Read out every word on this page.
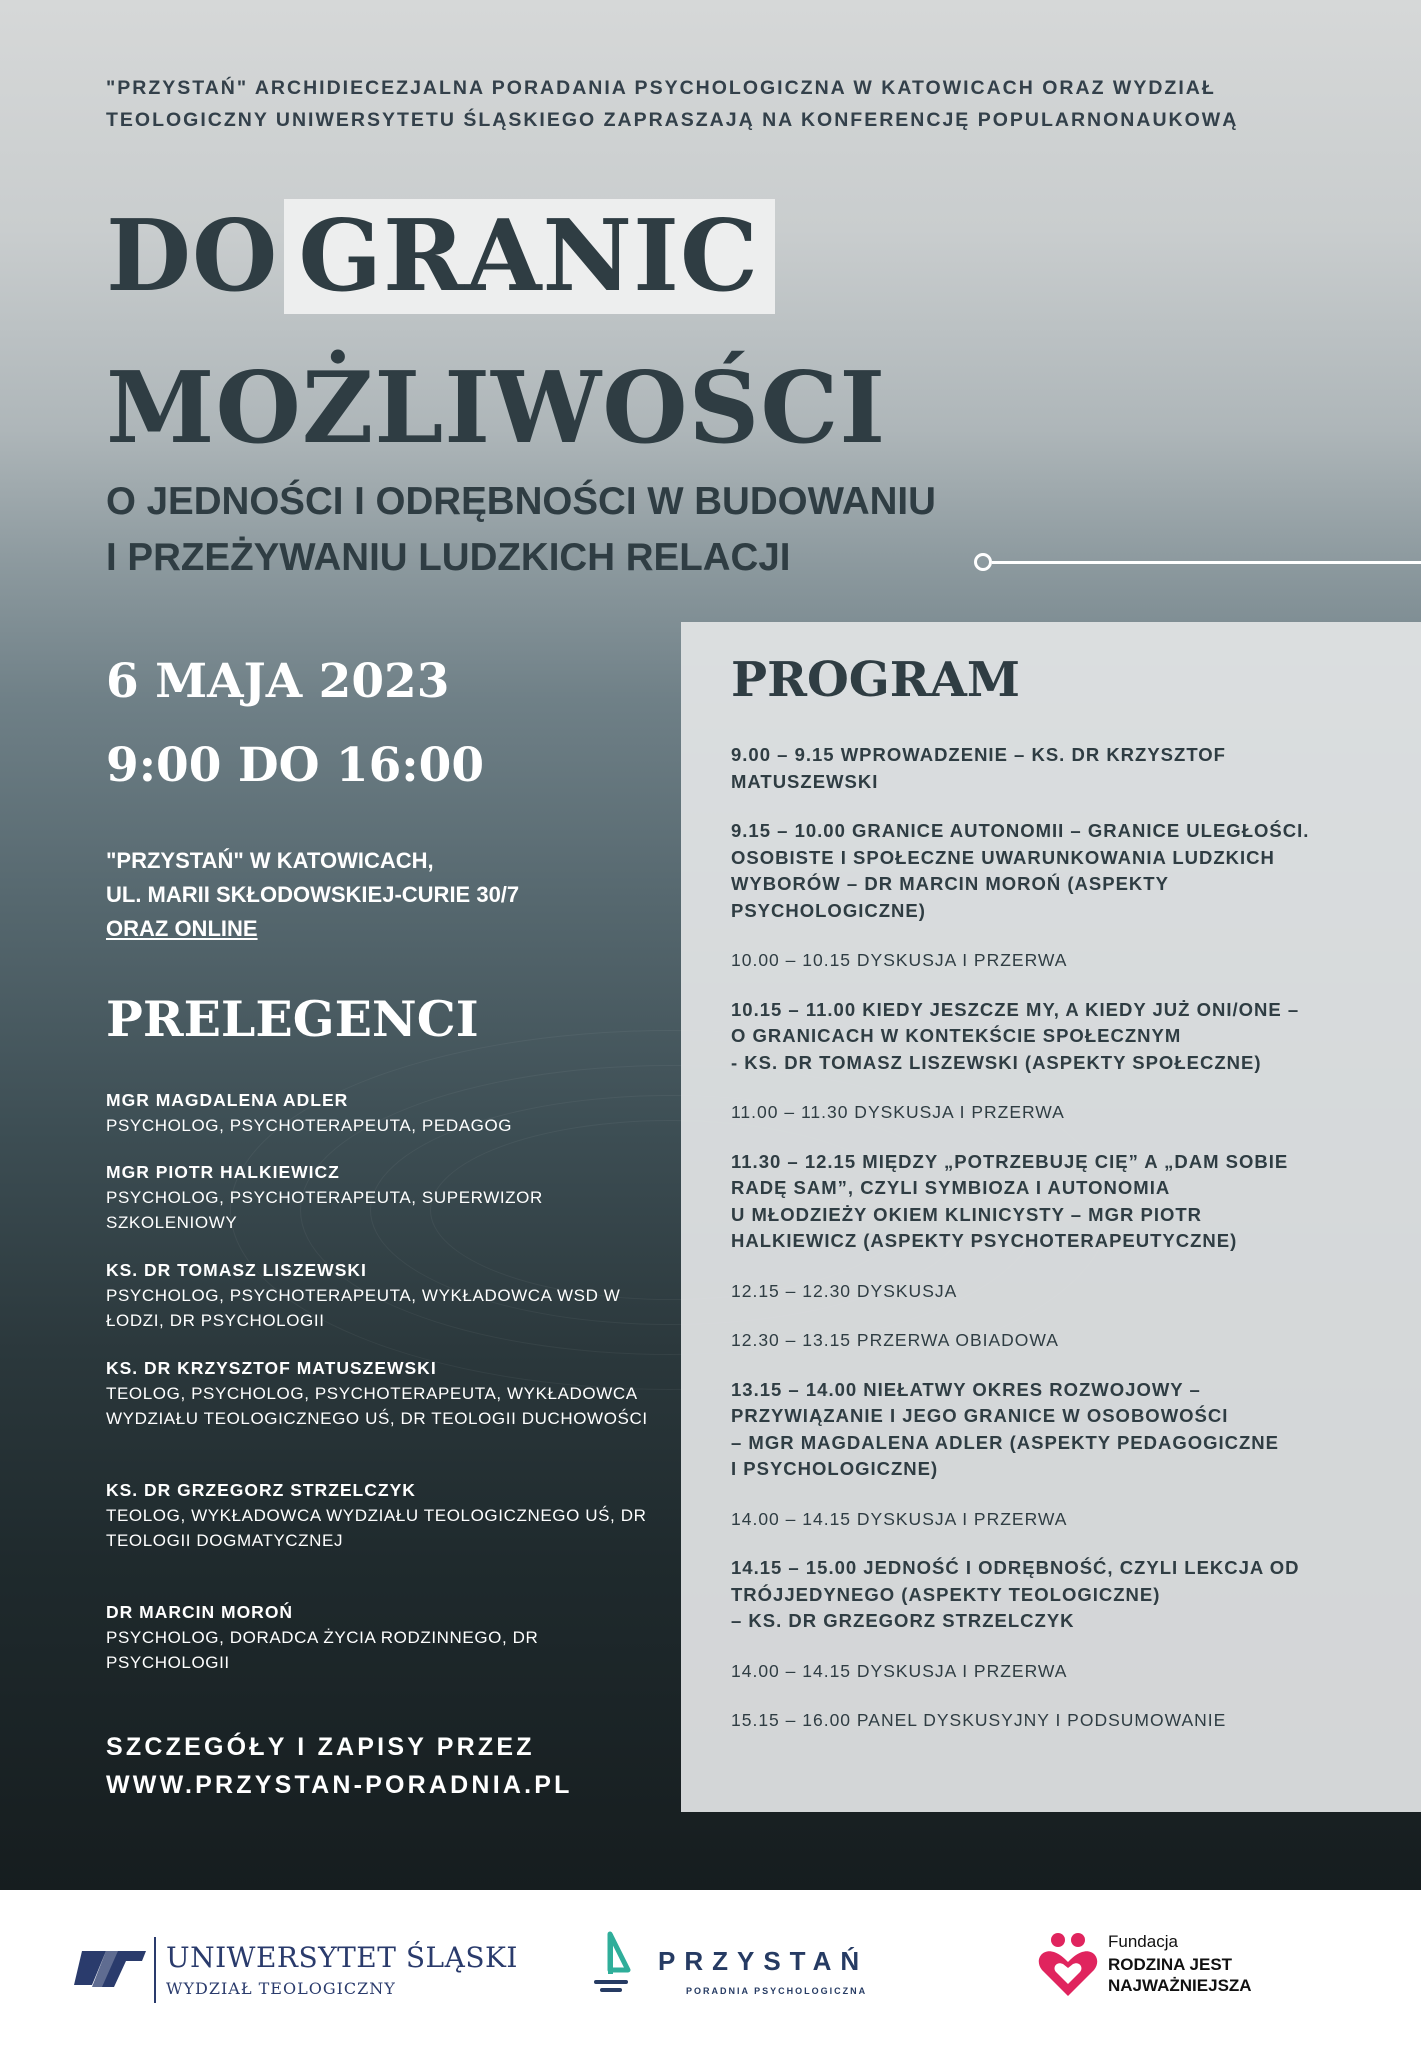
"PRZYSTAŃ" ARCHIDIECEZJALNA PORADANIA PSYCHOLOGICZNA W KATOWICACH ORAZ WYDZIAŁ
TEOLOGICZNY UNIWERSYTETU ŚLĄSKIEGO ZAPRASZAJĄ NA KONFERENCJĘ POPULARNONAUKOWĄ
DO GRANIC
MOŻLIWOŚCI
O JEDNOŚCI I ODRĘBNOŚCI W BUDOWANIU
I PRZEŻYWANIU LUDZKICH RELACJI
6 MAJA 2023
9:00 DO 16:00
"PRZYSTAŃ" W KATOWICACH,
UL. MARII SKŁODOWSKIEJ-CURIE 30/7
ORAZ ONLINE
PRELEGENCI
MGR MAGDALENA ADLER
PSYCHOLOG, PSYCHOTERAPEUTA, PEDAGOG
MGR PIOTR HALKIEWICZ
PSYCHOLOG, PSYCHOTERAPEUTA, SUPERWIZOR SZKOLENIOWY
KS. DR TOMASZ LISZEWSKI
PSYCHOLOG, PSYCHOTERAPEUTA, WYKŁADOWCA WSD W ŁODZI, DR PSYCHOLOGII
KS. DR KRZYSZTOF MATUSZEWSKI
TEOLOG, PSYCHOLOG, PSYCHOTERAPEUTA, WYKŁADOWCA WYDZIAŁU TEOLOGICZNEGO UŚ, DR TEOLOGII DUCHOWOŚCI
KS. DR GRZEGORZ STRZELCZYK
TEOLOG, WYKŁADOWCA WYDZIAŁU TEOLOGICZNEGO UŚ, DR TEOLOGII DOGMATYCZNEJ
DR MARCIN MOROŃ
PSYCHOLOG, DORADCA ŻYCIA RODZINNEGO, DR PSYCHOLOGII
SZCZEGÓŁY I ZAPISY PRZEZ
WWW.PRZYSTAN-PORADNIA.PL
PROGRAM
9.00 – 9.15 WPROWADZENIE – KS. DR KRZYSZTOF
MATUSZEWSKI
9.15 – 10.00 GRANICE AUTONOMII – GRANICE ULEGŁOŚCI.
OSOBISTE I SPOŁECZNE UWARUNKOWANIA LUDZKICH
WYBORÓW – DR MARCIN MOROŃ (ASPEKTY
PSYCHOLOGICZNE)
10.00 – 10.15 DYSKUSJA I PRZERWA
10.15 – 11.00 KIEDY JESZCZE MY, A KIEDY JUŻ ONI/ONE –
O GRANICACH W KONTEKŚCIE SPOŁECZNYM
- KS. DR TOMASZ LISZEWSKI (ASPEKTY SPOŁECZNE)
11.00 – 11.30 DYSKUSJA I PRZERWA
11.30 – 12.15 MIĘDZY „POTRZEBUJĘ CIĘ” A „DAM SOBIE
RADĘ SAM”, CZYLI SYMBIOZA I AUTONOMIA
U MŁODZIEŻY OKIEM KLINICYSTY – MGR PIOTR
HALKIEWICZ (ASPEKTY PSYCHOTERAPEUTYCZNE)
12.15 – 12.30 DYSKUSJA
12.30 – 13.15 PRZERWA OBIADOWA
13.15 – 14.00 NIEŁATWY OKRES ROZWOJOWY –
PRZYWIĄZANIE I JEGO GRANICE W OSOBOWOŚCI
– MGR MAGDALENA ADLER (ASPEKTY PEDAGOGICZNE
I PSYCHOLOGICZNE)
14.00 – 14.15 DYSKUSJA I PRZERWA
14.15 – 15.00 JEDNOŚĆ I ODRĘBNOŚĆ, CZYLI LEKCJA OD
TRÓJJEDYNEGO (ASPEKTY TEOLOGICZNE)
– KS. DR GRZEGORZ STRZELCZYK
14.00 – 14.15 DYSKUSJA I PRZERWA
15.15 – 16.00 PANEL DYSKUSYJNY I PODSUMOWANIE
UNIWERSYTET ŚLĄSKI
WYDZIAŁ TEOLOGICZNY
PRZYSTAŃ
PORADNIA PSYCHOLOGICZNA
Fundacja
RODZINA JEST
NAJWAŻNIEJSZA
